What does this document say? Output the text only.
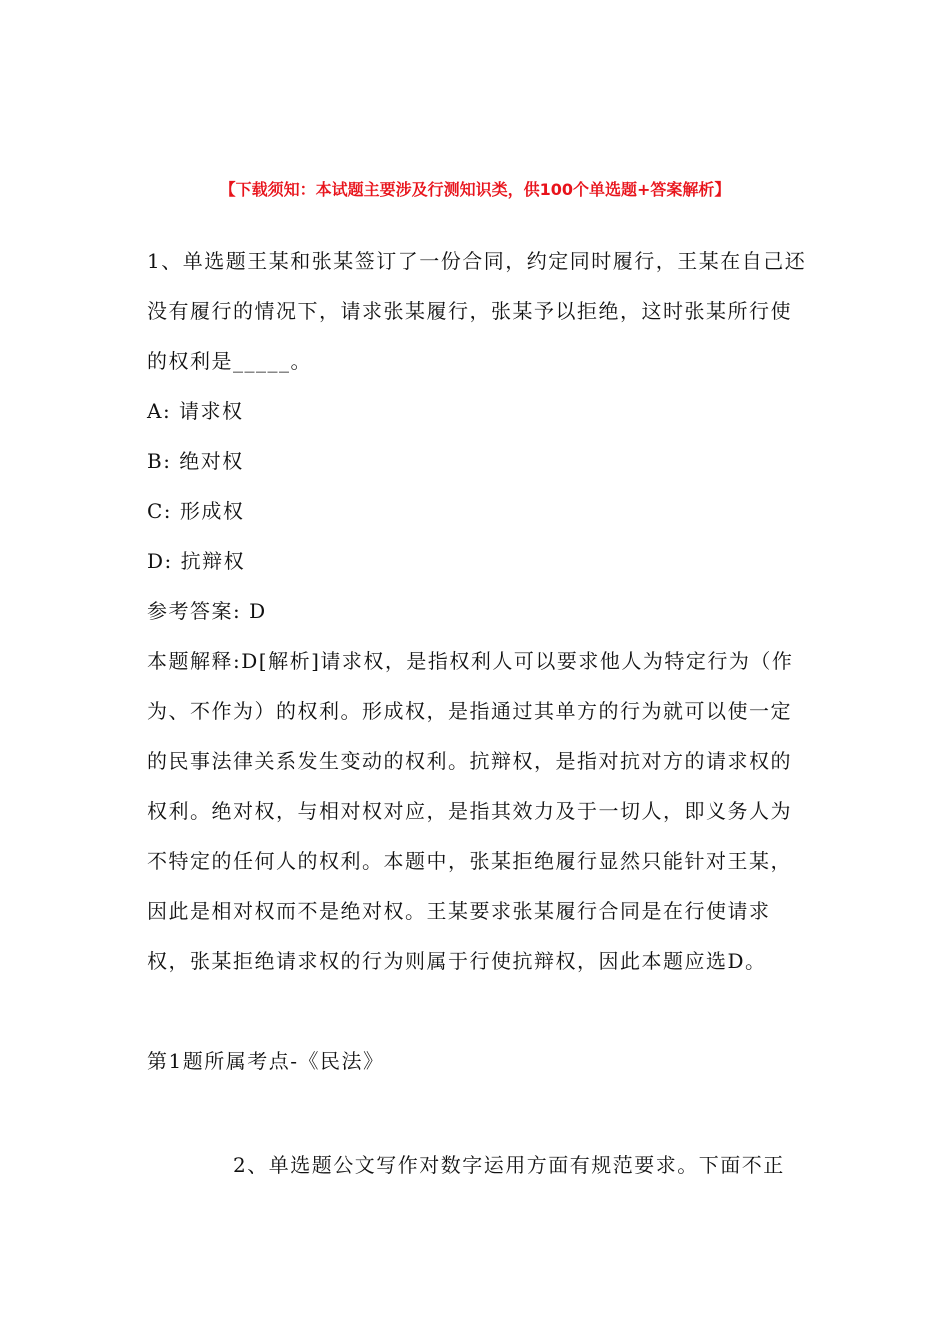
【下载须知：本试题主要涉及行测知识类，供100个单选题+答案解析】

1、单选题王某和张某签订了一份合同，约定同时履行，王某在自己还没有履行的情况下，请求张某履行，张某予以拒绝，这时张某所行使的权利是_____。

A: 请求权

B: 绝对权

C: 形成权

D: 抗辩权

参考答案: D

本题解释:D[解析]请求权，是指权利人可以要求他人为特定行为（作为、不作为）的权利。形成权，是指通过其单方的行为就可以使一定的民事法律关系发生变动的权利。抗辩权，是指对抗对方的请求权的权利。绝对权，与相对权对应，是指其效力及于一切人，即义务人为不特定的任何人的权利。本题中，张某拒绝履行显然只能针对王某，因此是相对权而不是绝对权。王某要求张某履行合同是在行使请求权，张某拒绝请求权的行为则属于行使抗辩权，因此本题应选D。

第1题所属考点-《民法》

2、单选题公文写作对数字运用方面有规范要求。下面不正
